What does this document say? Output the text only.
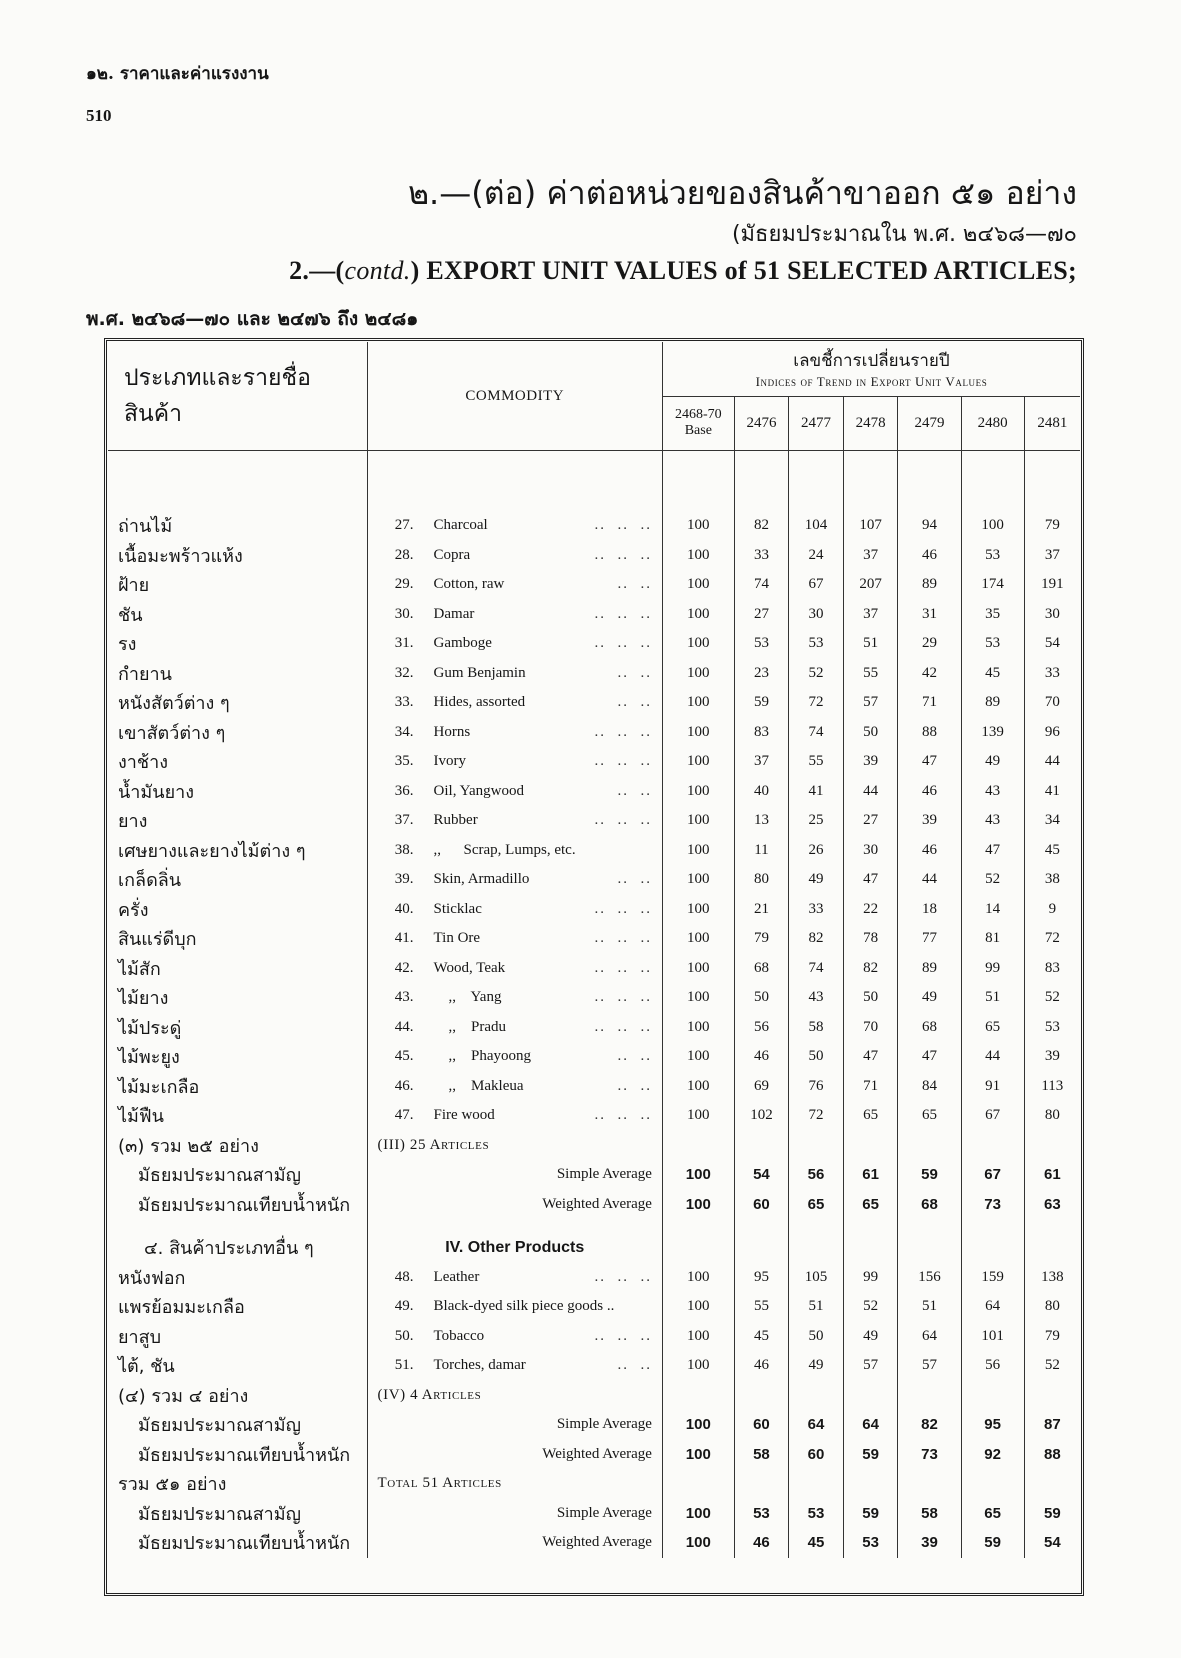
๑๒. ราคาและค่าแรงงาน
510
๒.—(ต่อ) ค่าต่อหน่วยของสินค้าขาออก ๕๑ อย่าง
(มัธยมประมาณใน พ.ศ. ๒๔๖๘—๗๐
2.—(contd.) EXPORT UNIT VALUES of 51 SELECTED ARTICLES;
พ.ศ. ๒๔๖๘—๗๐ และ ๒๔๗๖ ถึง ๒๔๘๑
ประเภทและรายชื่อสินค้า	COMMODITY	เลขชี้การเปลี่ยนรายปี
Indices of Trend in Export Unit Values						

		2468-70 Base	2476	2477	2478	2479	2480	2481

ถ่านไม้	27. Charcoal ..  ..  ..	100	82	104	107	94	100	79
เนื้อมะพร้าวแห้ง	28. Copra ..  ..  ..	100	33	24	37	46	53	37
ฝ้าย	29. Cotton, raw ..  ..	100	74	67	207	89	174	191
ชัน	30. Damar ..  ..  ..	100	27	30	37	31	35	30
รง	31. Gamboge ..  ..  ..	100	53	53	51	29	53	54
กำยาน	32. Gum Benjamin ..  ..	100	23	52	55	42	45	33
หนังสัตว์ต่าง ๆ	33. Hides, assorted ..  ..	100	59	72	57	71	89	70
เขาสัตว์ต่าง ๆ	34. Horns ..  ..  ..	100	83	74	50	88	139	96
งาช้าง	35. Ivory ..  ..  ..	100	37	55	39	47	49	44
น้ำมันยาง	36. Oil, Yangwood ..  ..	100	40	41	44	46	43	41
ยาง	37. Rubber ..  ..  ..	100	13	25	27	39	43	34
เศษยางและยางไม้ต่าง ๆ	38. ,,      Scrap, Lumps, etc.	100	11	26	30	46	47	45
เกล็ดลิ่น	39. Skin, Armadillo ..  ..	100	80	49	47	44	52	38
ครั่ง	40. Sticklac ..  ..  ..	100	21	33	22	18	14	9
สินแร่ดีบุก	41. Tin Ore ..  ..  ..	100	79	82	78	77	81	72
ไม้สัก	42. Wood, Teak ..  ..  ..	100	68	74	82	89	99	83
ไม้ยาง	43. ,,    Yang ..  ..  ..	100	50	43	50	49	51	52
ไม้ประดู่	44. ,,    Pradu ..  ..  ..	100	56	58	70	68	65	53
ไม้พะยูง	45. ,,    Phayoong ..  ..	100	46	50	47	47	44	39
ไม้มะเกลือ	46. ,,    Makleua ..  ..	100	69	76	71	84	91	113
ไม้ฟืน	47. Fire wood ..  ..  ..	100	102	72	65	65	67	80
(๓) รวม ๒๕ อย่าง	(III) 25 Articles							
มัธยมประมาณสามัญ	Simple Average	100	54	56	61	59	67	61
มัธยมประมาณเทียบน้ำหนัก	Weighted Average	100	60	65	65	68	73	63

๔. สินค้าประเภทอื่น ๆ	IV. Other Products							
หนังฟอก	48. Leather ..  ..  ..	100	95	105	99	156	159	138
แพรย้อมมะเกลือ	49. Black-dyed silk piece goods ..	100	55	51	52	51	64	80
ยาสูบ	50. Tobacco ..  ..  ..	100	45	50	49	64	101	79
ไต้, ชัน	51. Torches, damar ..  ..	100	46	49	57	57	56	52
(๔) รวม ๔ อย่าง	(IV) 4 Articles							
มัธยมประมาณสามัญ	Simple Average	100	60	64	64	82	95	87
มัธยมประมาณเทียบน้ำหนัก	Weighted Average	100	58	60	59	73	92	88
รวม ๕๑ อย่าง	Total 51 Articles							
มัธยมประมาณสามัญ	Simple Average	100	53	53	59	58	65	59
มัธยมประมาณเทียบน้ำหนัก	Weighted Average	100	46	45	53	39	59	54
